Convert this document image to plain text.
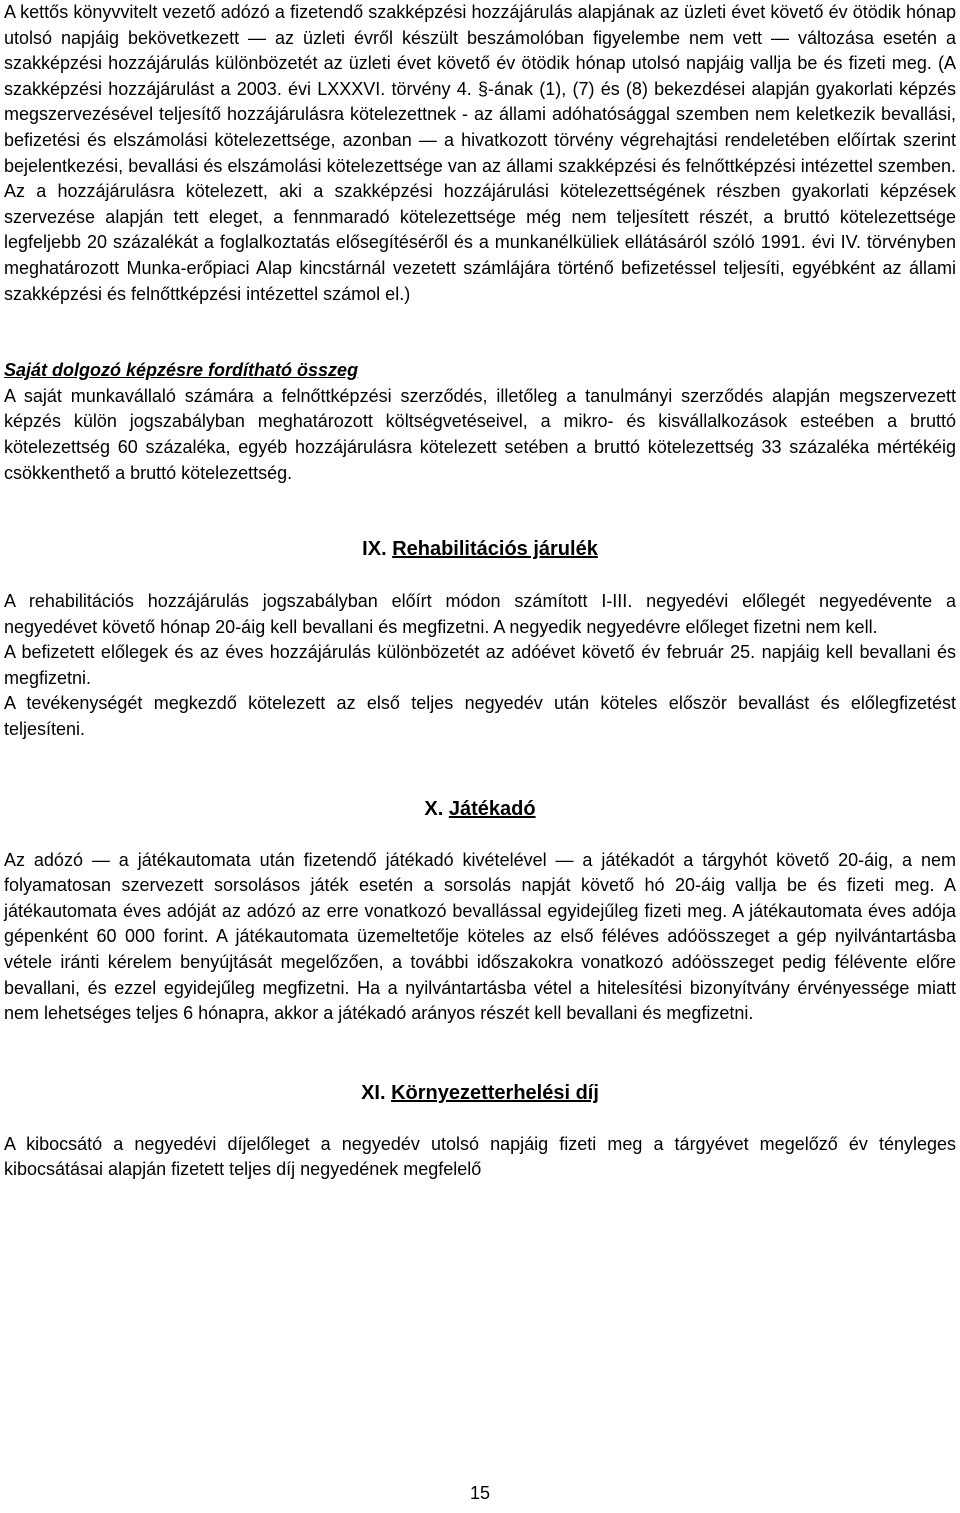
A kettős könyvvitelt vezető adózó a fizetendő szakképzési hozzájárulás alapjának az üzleti évet követő év ötödik hónap utolsó napjáig bekövetkezett — az üzleti évről készült beszámolóban figyelembe nem vett — változása esetén a szakképzési hozzájárulás különbözetét az üzleti évet követő év ötödik hónap utolsó napjáig vallja be és fizeti meg. (A szakképzési hozzájárulást a 2003. évi LXXXVI. törvény 4. §-ának (1), (7) és (8) bekezdései alapján gyakorlati képzés megszervezésével teljesítő hozzájárulásra kötelezettnek - az állami adóhatósággal szemben nem keletkezik bevallási, befizetési és elszámolási kötelezettsége, azonban — a hivatkozott törvény végrehajtási rendeletében előírtak szerint bejelentkezési, bevallási és elszámolási kötelezettsége van az állami szakképzési és felnőttképzési intézettel szemben. Az a hozzájárulásra kötelezett, aki a szakképzési hozzájárulási kötelezettségének részben gyakorlati képzések szervezése alapján tett eleget, a fennmaradó kötelezettsége még nem teljesített részét, a bruttó kötelezettsége legfeljebb 20 százalékát a foglalkoztatás elősegítéséről és a munkanélküliek ellátásáról szóló 1991. évi IV. törvényben meghatározott Munka-erőpiaci Alap kincstárnál vezetett számlájára történő befizetéssel teljesíti, egyébként az állami szakképzési és felnőttképzési intézettel számol el.)

Saját dolgozó képzésre fordítható összeg

A saját munkavállaló számára a felnőttképzési szerződés, illetőleg a tanulmányi szerződés alapján megszervezett képzés külön jogszabályban meghatározott költségvetéseivel, a mikro- és kisvállalkozások esteében a bruttó kötelezettség 60 százaléka, egyéb hozzájárulásra kötelezett setében a bruttó kötelezettség 33 százaléka mértékéig csökkenthető a bruttó kötelezettség.

IX. Rehabilitációs járulék

A rehabilitációs hozzájárulás jogszabályban előírt módon számított I-III. negyedévi előlegét negyedévente a negyedévet követő hónap 20-áig kell bevallani és megfizetni. A negyedik negyedévre előleget fizetni nem kell.

A befizetett előlegek és az éves hozzájárulás különbözetét az adóévet követő év február 25. napjáig kell bevallani és megfizetni.

A tevékenységét megkezdő kötelezett az első teljes negyedév után köteles először bevallást és előlegfizetést teljesíteni.

X. Játékadó

Az adózó — a játékautomata után fizetendő játékadó kivételével — a játékadót a tárgyhót követő 20-áig, a nem folyamatosan szervezett sorsolásos játék esetén a sorsolás napját követő hó 20-áig vallja be és fizeti meg. A játékautomata éves adóját az adózó az erre vonatkozó bevallással egyidejűleg fizeti meg. A játékautomata éves adója gépenként 60 000 forint. A játékautomata üzemeltetője köteles az első féléves adóösszeget a gép nyilvántartásba vétele iránti kérelem benyújtását megelőzően, a további időszakokra vonatkozó adóösszeget pedig félévente előre bevallani, és ezzel egyidejűleg megfizetni. Ha a nyilvántartásba vétel a hitelesítési bizonyítvány érvényessége miatt nem lehetséges teljes 6 hónapra, akkor a játékadó arányos részét kell bevallani és megfizetni.

XI. Környezetterhelési díj

A kibocsátó a negyedévi díjelőleget a negyedév utolsó napjáig fizeti meg a tárgyévet megelőző év tényleges kibocsátásai alapján fizetett teljes díj negyedének megfelelő

15
